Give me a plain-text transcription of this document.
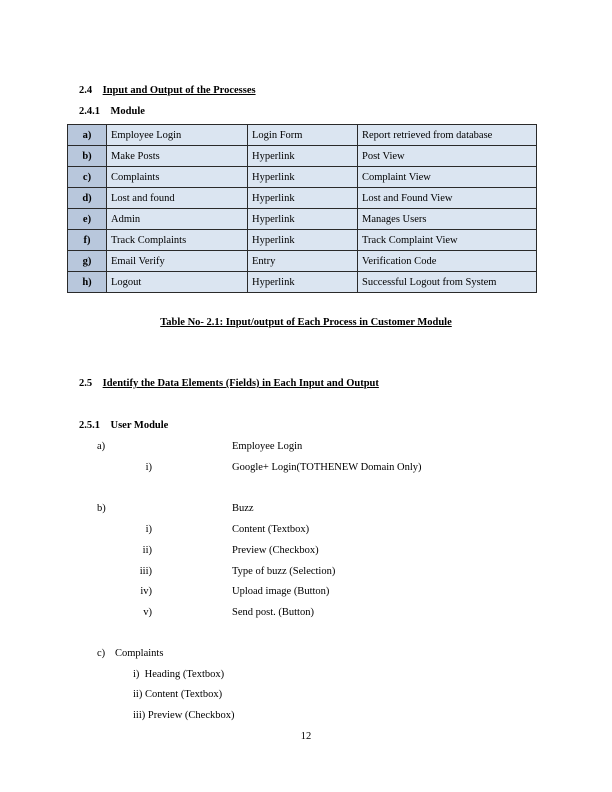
2.4 Input and Output of the Processes
2.4.1 Module
a)	Employee Login	Login Form	Report retrieved from database
b)	Make Posts	Hyperlink	Post View
c)	Complaints	Hyperlink	Complaint View
d)	Lost and found	Hyperlink	Lost and Found View
e)	Admin	Hyperlink	Manages Users
f)	Track Complaints	Hyperlink	Track Complaint View
g)	Email Verify	Entry	Verification Code
h)	Logout	Hyperlink	Successful Logout from System
Table No- 2.1: Input/output of Each Process in Customer Module
2.5 Identify the Data Elements (Fields) in Each Input and Output
2.5.1 User Module
a)	Employee Login
i)	Google+ Login(TOTHENEW Domain Only)
b)	Buzz
i)	Content (Textbox)
ii)	Preview (Checkbox)
iii)	Type of buzz (Selection)
iv)	Upload image (Button)
v)	Send post. (Button)
c) Complaints
i)  Heading (Textbox)
ii) Content (Textbox)
iii) Preview (Checkbox)
12
